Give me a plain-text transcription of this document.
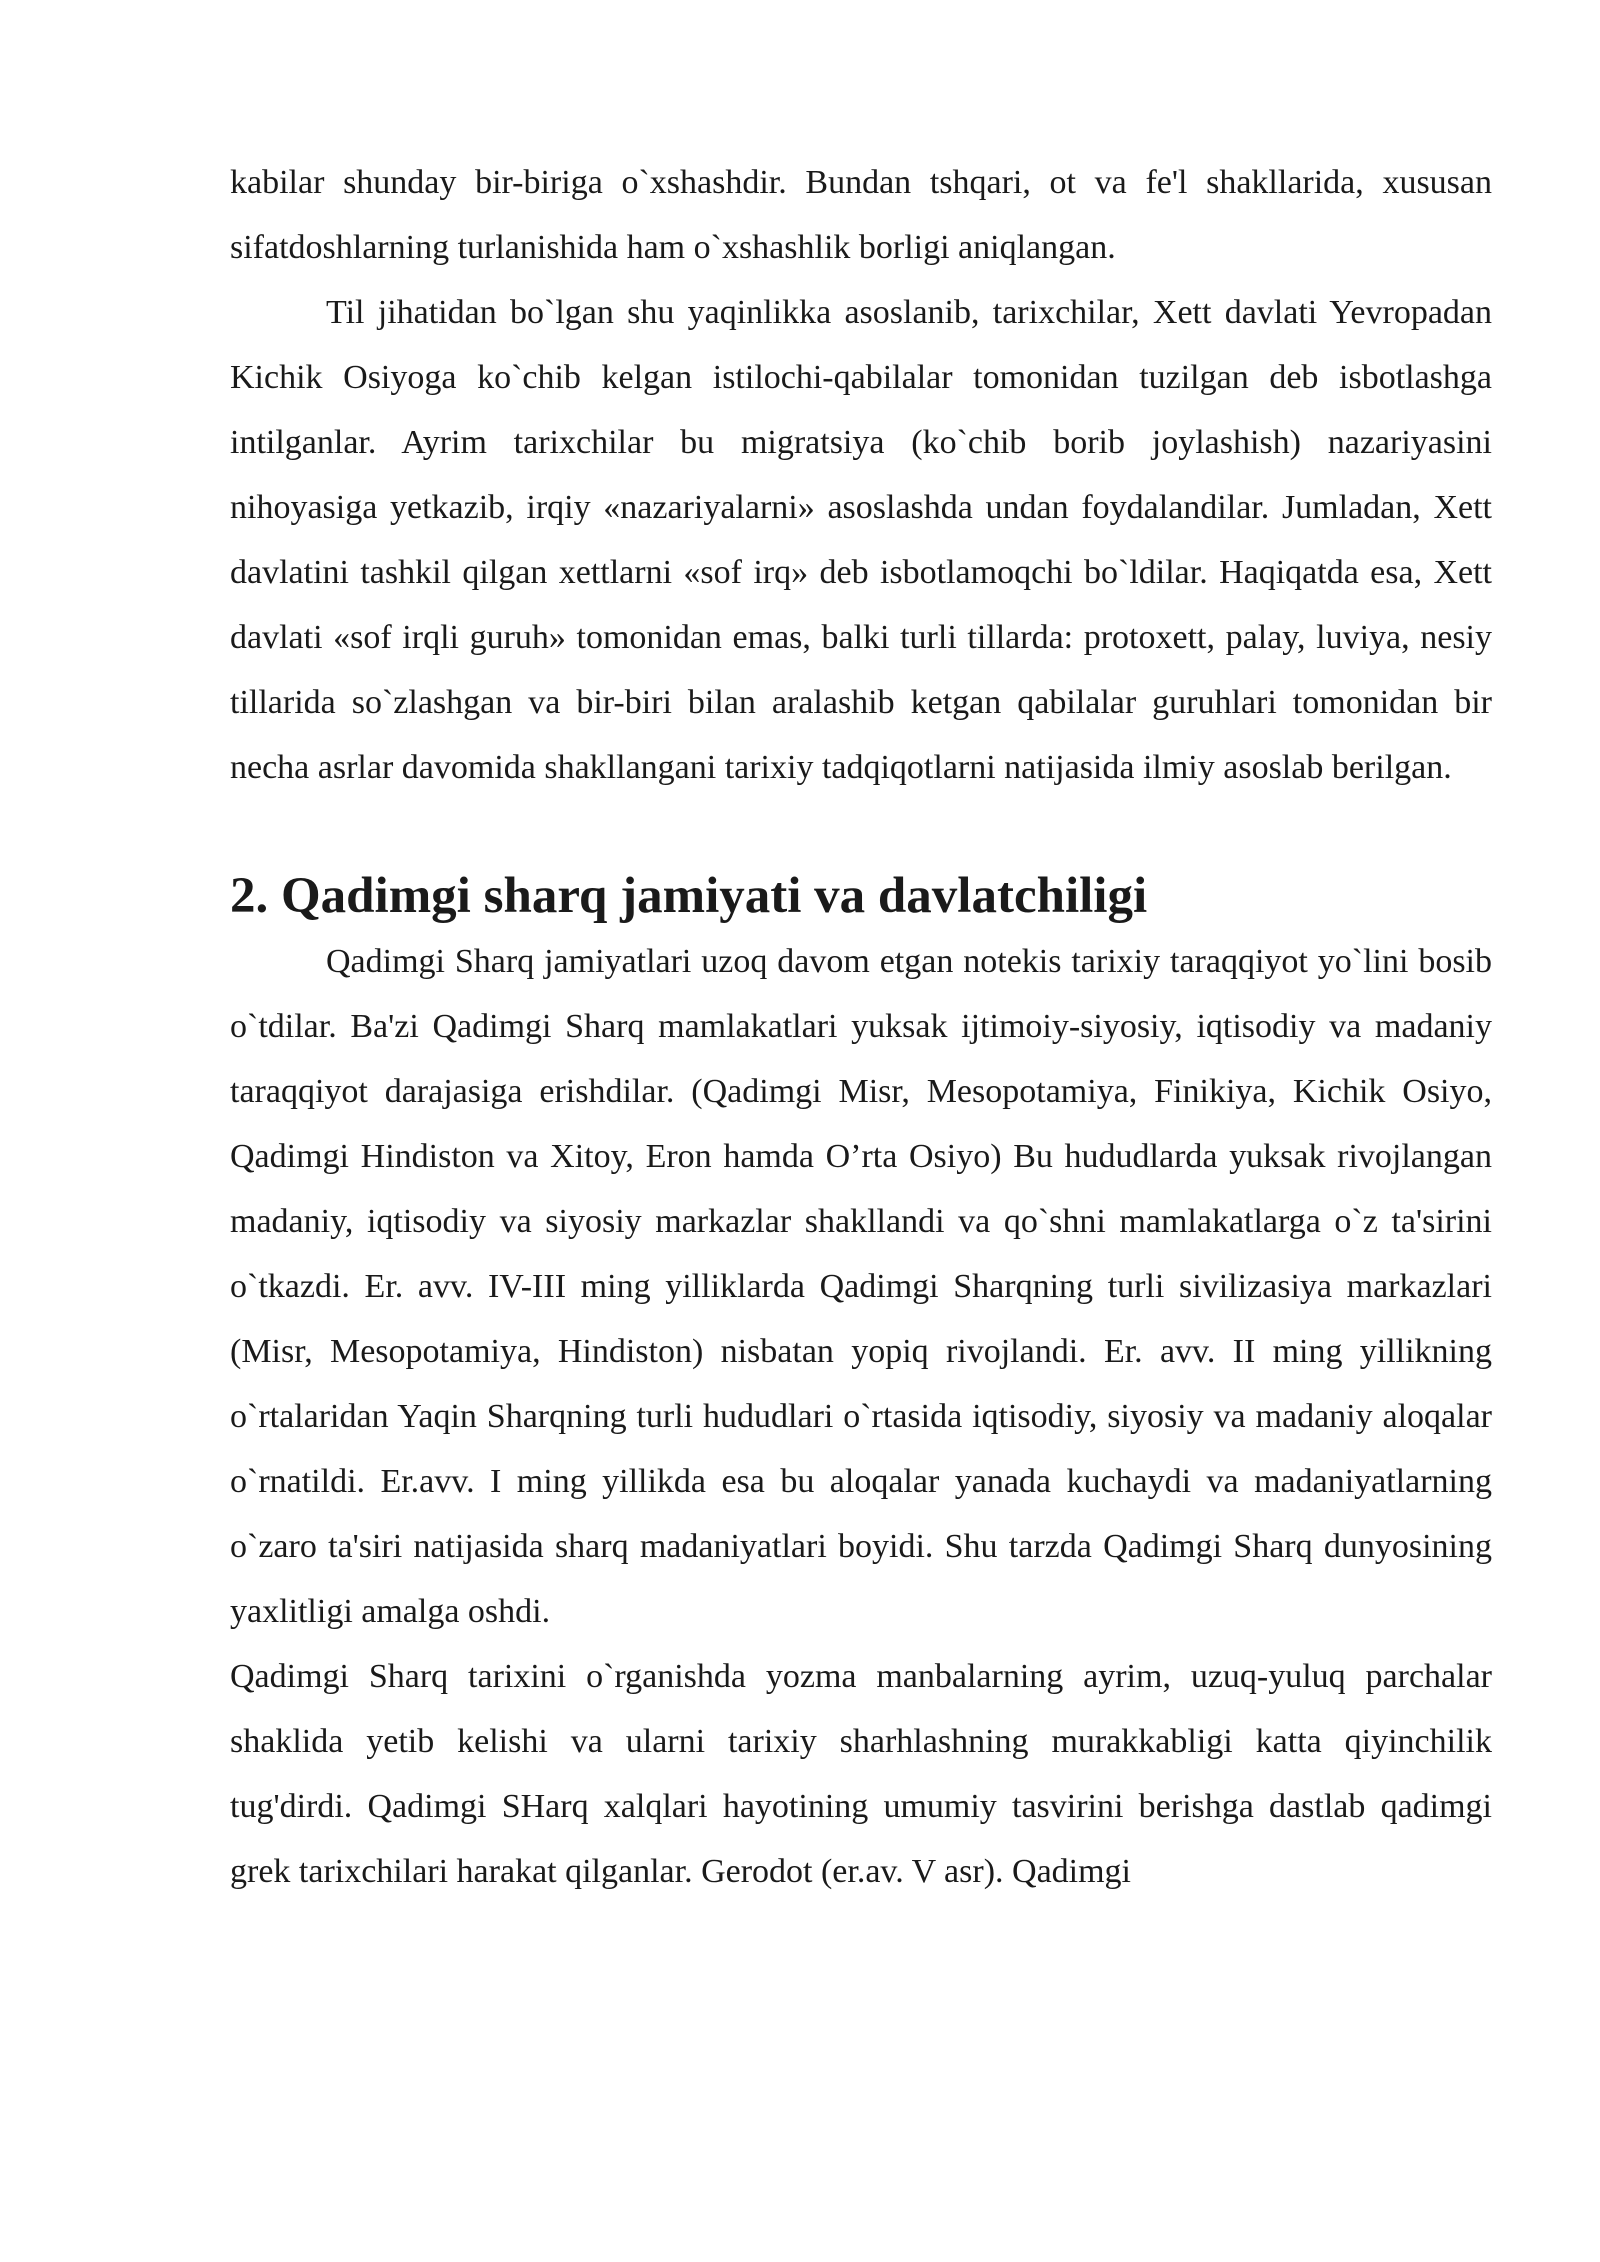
kabilar shunday bir-biriga o`xshashdir. Bundan tshqari, ot va fe'l shakllarida, xususan sifatdoshlarning turlanishida ham o`xshashlik borligi aniqlangan.

Til jihatidan bo`lgan shu yaqinlikka asoslanib, tarixchilar, Xett davlati Yevropadan Kichik Osiyoga ko`chib kelgan istilochi-qabilalar tomonidan tuzilgan deb isbotlashga intilganlar. Ayrim tarixchilar bu migratsiya (ko`chib borib joylashish) nazariyasini nihoyasiga yetkazib, irqiy «nazariyalarni» asoslashda undan foydalandilar. Jumladan, Xett davlatini tashkil qilgan xettlarni «sof irq» deb isbotlamoqchi bo`ldilar. Haqiqatda esa, Xett davlati «sof irqli guruh» tomonidan emas, balki turli tillarda: protoxett, palay, luviya, nesiy tillarida so`zlashgan va bir-biri bilan aralashib ketgan qabilalar guruhlari tomonidan bir necha asrlar davomida shakllangani tarixiy tadqiqotlarni natijasida ilmiy asoslab berilgan.

2. Qadimgi sharq jamiyati va davlatchiligi

Qadimgi Sharq jamiyatlari uzoq davom etgan notekis tarixiy taraqqiyot yo`lini bosib o`tdilar. Ba'zi Qadimgi Sharq mamlakatlari yuksak ijtimoiy-siyosiy, iqtisodiy va madaniy taraqqiyot darajasiga erishdilar. (Qadimgi Misr, Mesopotamiya, Finikiya, Kichik Osiyo, Qadimgi Hindiston va Xitoy, Eron hamda O’rta Osiyo) Bu hududlarda yuksak rivojlangan madaniy, iqtisodiy va siyosiy markazlar shakllandi va qo`shni mamlakatlarga o`z ta'sirini o`tkazdi. Er. avv. IV-III ming yilliklarda Qadimgi Sharqning turli sivilizasiya markazlari (Misr, Mesopotamiya, Hindiston) nisbatan yopiq rivojlandi. Er. avv. II ming yillikning o`rtalaridan Yaqin Sharqning turli hududlari o`rtasida iqtisodiy, siyosiy va madaniy aloqalar o`rnatildi. Er.avv. I ming yillikda esa bu aloqalar yanada kuchaydi va madaniyatlarning o`zaro ta'siri natijasida sharq madaniyatlari boyidi. Shu tarzda Qadimgi Sharq dunyosining yaxlitligi amalga oshdi.

Qadimgi Sharq tarixini o`rganishda yozma manbalarning ayrim, uzuq-yuluq parchalar shaklida yetib kelishi va ularni tarixiy sharhlashning murakkabligi katta qiyinchilik tug'dirdi. Qadimgi SHarq xalqlari hayotining umumiy tasvirini berishga dastlab qadimgi grek tarixchilari harakat qilganlar. Gerodot (er.av. V asr). Qadimgi
